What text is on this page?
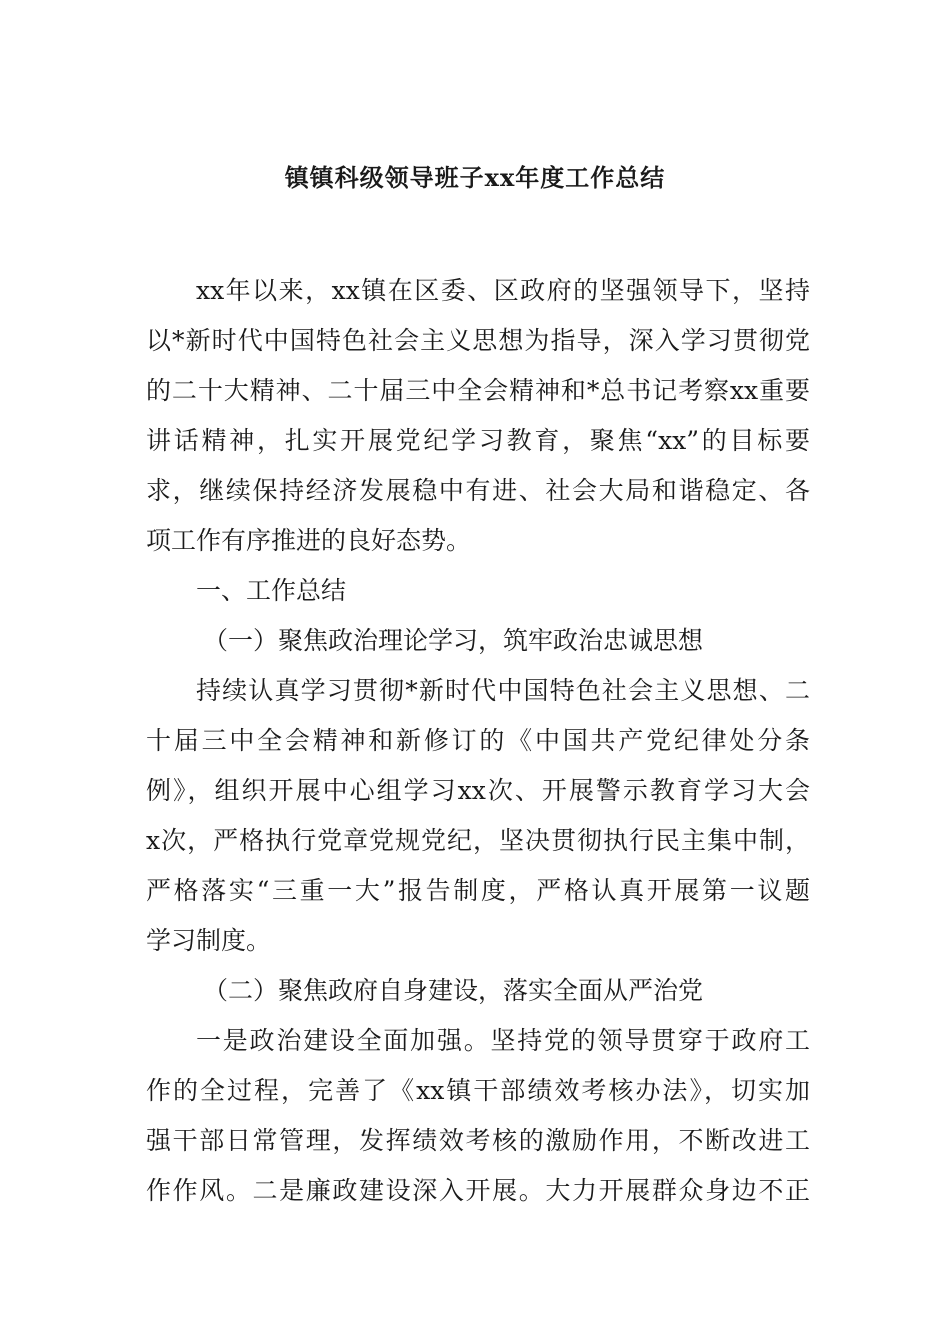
镇镇科级领导班子xx年度工作总结
xx年以来，xx镇在区委、区政府的坚强领导下，坚持
以*新时代中国特色社会主义思想为指导，深入学习贯彻党
的二十大精神、二十届三中全会精神和*总书记考察xx重要
讲话精神，扎实开展党纪学习教育，聚焦“xx”的目标要
求，继续保持经济发展稳中有进、社会大局和谐稳定、各
项工作有序推进的良好态势。
一、工作总结
（一）聚焦政治理论学习，筑牢政治忠诚思想
持续认真学习贯彻*新时代中国特色社会主义思想、二
十届三中全会精神和新修订的《中国共产党纪律处分条
例》，组织开展中心组学习xx次、开展警示教育学习大会
x次，严格执行党章党规党纪，坚决贯彻执行民主集中制，
严格落实“三重一大”报告制度，严格认真开展第一议题
学习制度。
（二）聚焦政府自身建设，落实全面从严治党
一是政治建设全面加强。坚持党的领导贯穿于政府工
作的全过程，完善了《xx镇干部绩效考核办法》，切实加
强干部日常管理，发挥绩效考核的激励作用，不断改进工
作作风。二是廉政建设深入开展。大力开展群众身边不正
